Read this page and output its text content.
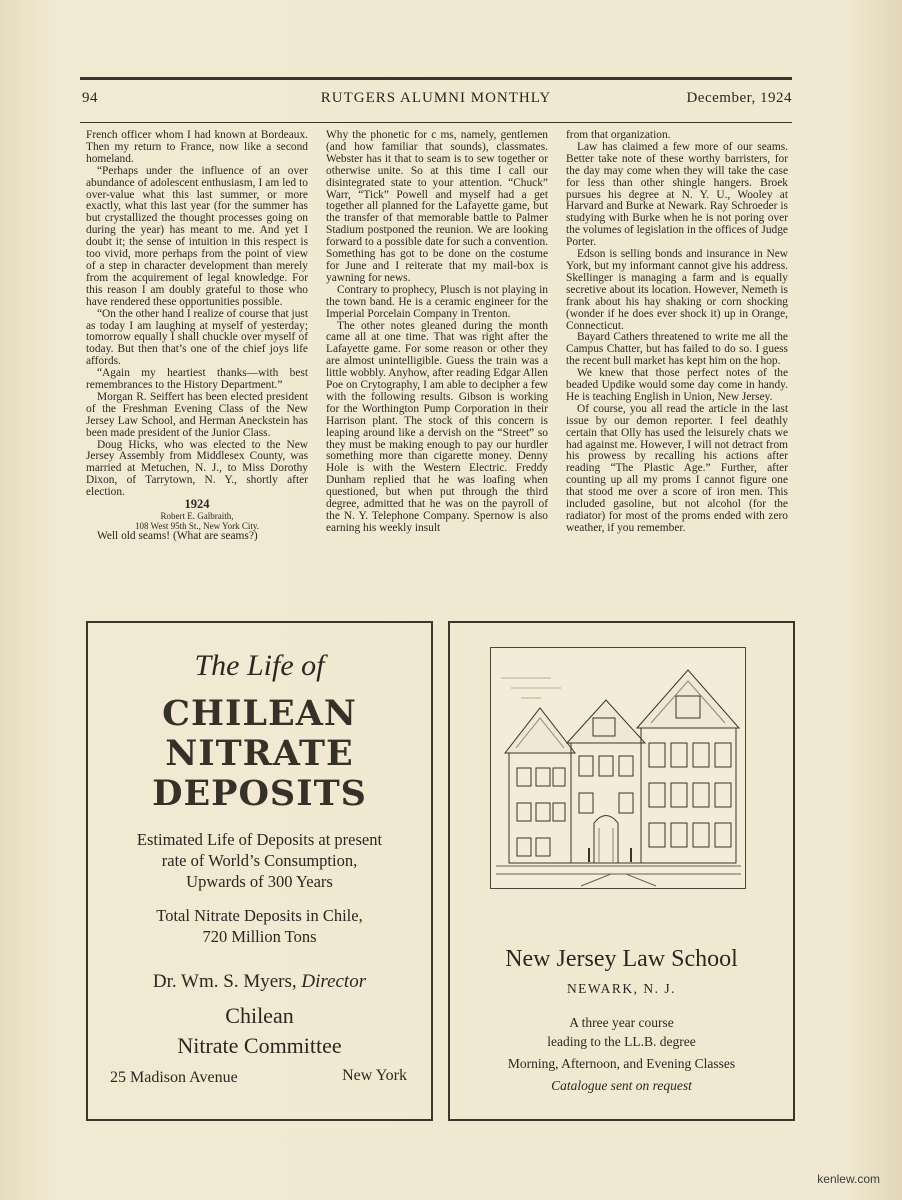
94	RUTGERS ALUMNI MONTHLY	December, 1924

French officer whom I had known at Bordeaux. Then my return to France, now like a second homeland.

“Perhaps under the influence of an over abundance of adolescent enthusiasm, I am led to over-value what this last summer, or more exactly, what this last year (for the summer has but crystallized the thought processes going on during the year) has meant to me. And yet I doubt it; the sense of intuition in this respect is too vivid, more perhaps from the point of view of a step in character development than merely from the acquirement of legal knowledge. For this reason I am doubly grateful to those who have rendered these opportunities possible.

“On the other hand I realize of course that just as today I am laughing at myself of yesterday; tomorrow equally I shall chuckle over myself of today. But then that’s one of the chief joys life affords.

“Again my heartiest thanks—with best remembrances to the History Department.”

Morgan R. Seiffert has been elected president of the Freshman Evening Class of the New Jersey Law School, and Herman Aneckstein has been made president of the Junior Class.

Doug Hicks, who was elected to the New Jersey Assembly from Middlesex County, was married at Metuchen, N. J., to Miss Dorothy Dixon, of Tarrytown, N. Y., shortly after election.

1924

Robert E. Galbraith,

108 West 95th St., New York City.

Well old seams! (What are seams?)

Why the phonetic for c ms, namely, gentlemen (and how familiar that sounds), classmates. Webster has it that to seam is to sew together or otherwise unite. So at this time I call our disintegrated state to your attention. “Chuck” Warr, “Tick” Powell and myself had a get together all planned for the Lafayette game, but the transfer of that memorable battle to Palmer Stadium postponed the reunion. We are looking forward to a possible date for such a convention. Something has got to be done on the costume for June and I reiterate that my mail-box is yawning for news.

Contrary to prophecy, Plusch is not playing in the town band. He is a ceramic engineer for the Imperial Porcelain Company in Trenton.

The other notes gleaned during the month came all at one time. That was right after the Lafayette game. For some reason or other they are almost unintelligible. Guess the train was a little wobbly. Anyhow, after reading Edgar Allen Poe on Crytography, I am able to decipher a few with the following results. Gibson is working for the Worthington Pump Corporation in their Harrison plant. The stock of this concern is leaping around like a dervish on the “Street” so they must be making enough to pay our hurdler something more than cigarette money. Denny Hole is with the Western Electric. Freddy Dunham replied that he was loafing when questioned, but when put through the third degree, admitted that he was on the payroll of the N. Y. Telephone Company. Spernow is also earning his weekly insult

from that organization.

Law has claimed a few more of our seams. Better take note of these worthy barristers, for the day may come when they will take the case for less than other shingle hangers. Broek pursues his degree at N. Y. U., Wooley at Harvard and Burke at Newark. Ray Schroeder is studying with Burke when he is not poring over the volumes of legislation in the offices of Judge Porter.

Edson is selling bonds and insurance in New York, but my informant cannot give his address. Skellinger is managing a farm and is equally secretive about its location. However, Nemeth is frank about his hay shaking or corn shocking (wonder if he does ever shock it) up in Orange, Connecticut.

Bayard Cathers threatened to write me all the Campus Chatter, but has failed to do so. I guess the recent bull market has kept him on the hop.

We knew that those perfect notes of the beaded Updike would some day come in handy. He is teaching English in Union, New Jersey.

Of course, you all read the article in the last issue by our demon reporter. I feel deathly certain that Olly has used the leisurely chats we had against me. However, I will not detract from his prowess by recalling his actions after reading “The Plastic Age.” Further, after counting up all my proms I cannot figure one that stood me over a score of iron men. This included gasoline, but not alcohol (for the radiator) for most of the proms ended with zero weather, if you remember.

The Life of
CHILEAN
NITRATE
DEPOSITS
Estimated Life of Deposits at present
rate of World’s Consumption,
Upwards of 300 Years
Total Nitrate Deposits in Chile,
720 Million Tons
Dr. Wm. S. Myers, Director
Chilean
Nitrate Committee
25 Madison Avenue	New York
New Jersey Law School
NEWARK, N. J.
A three year course
leading to the LL.B. degree
Morning, Afternoon, and Evening Classes
Catalogue sent on request
kenlew.com
